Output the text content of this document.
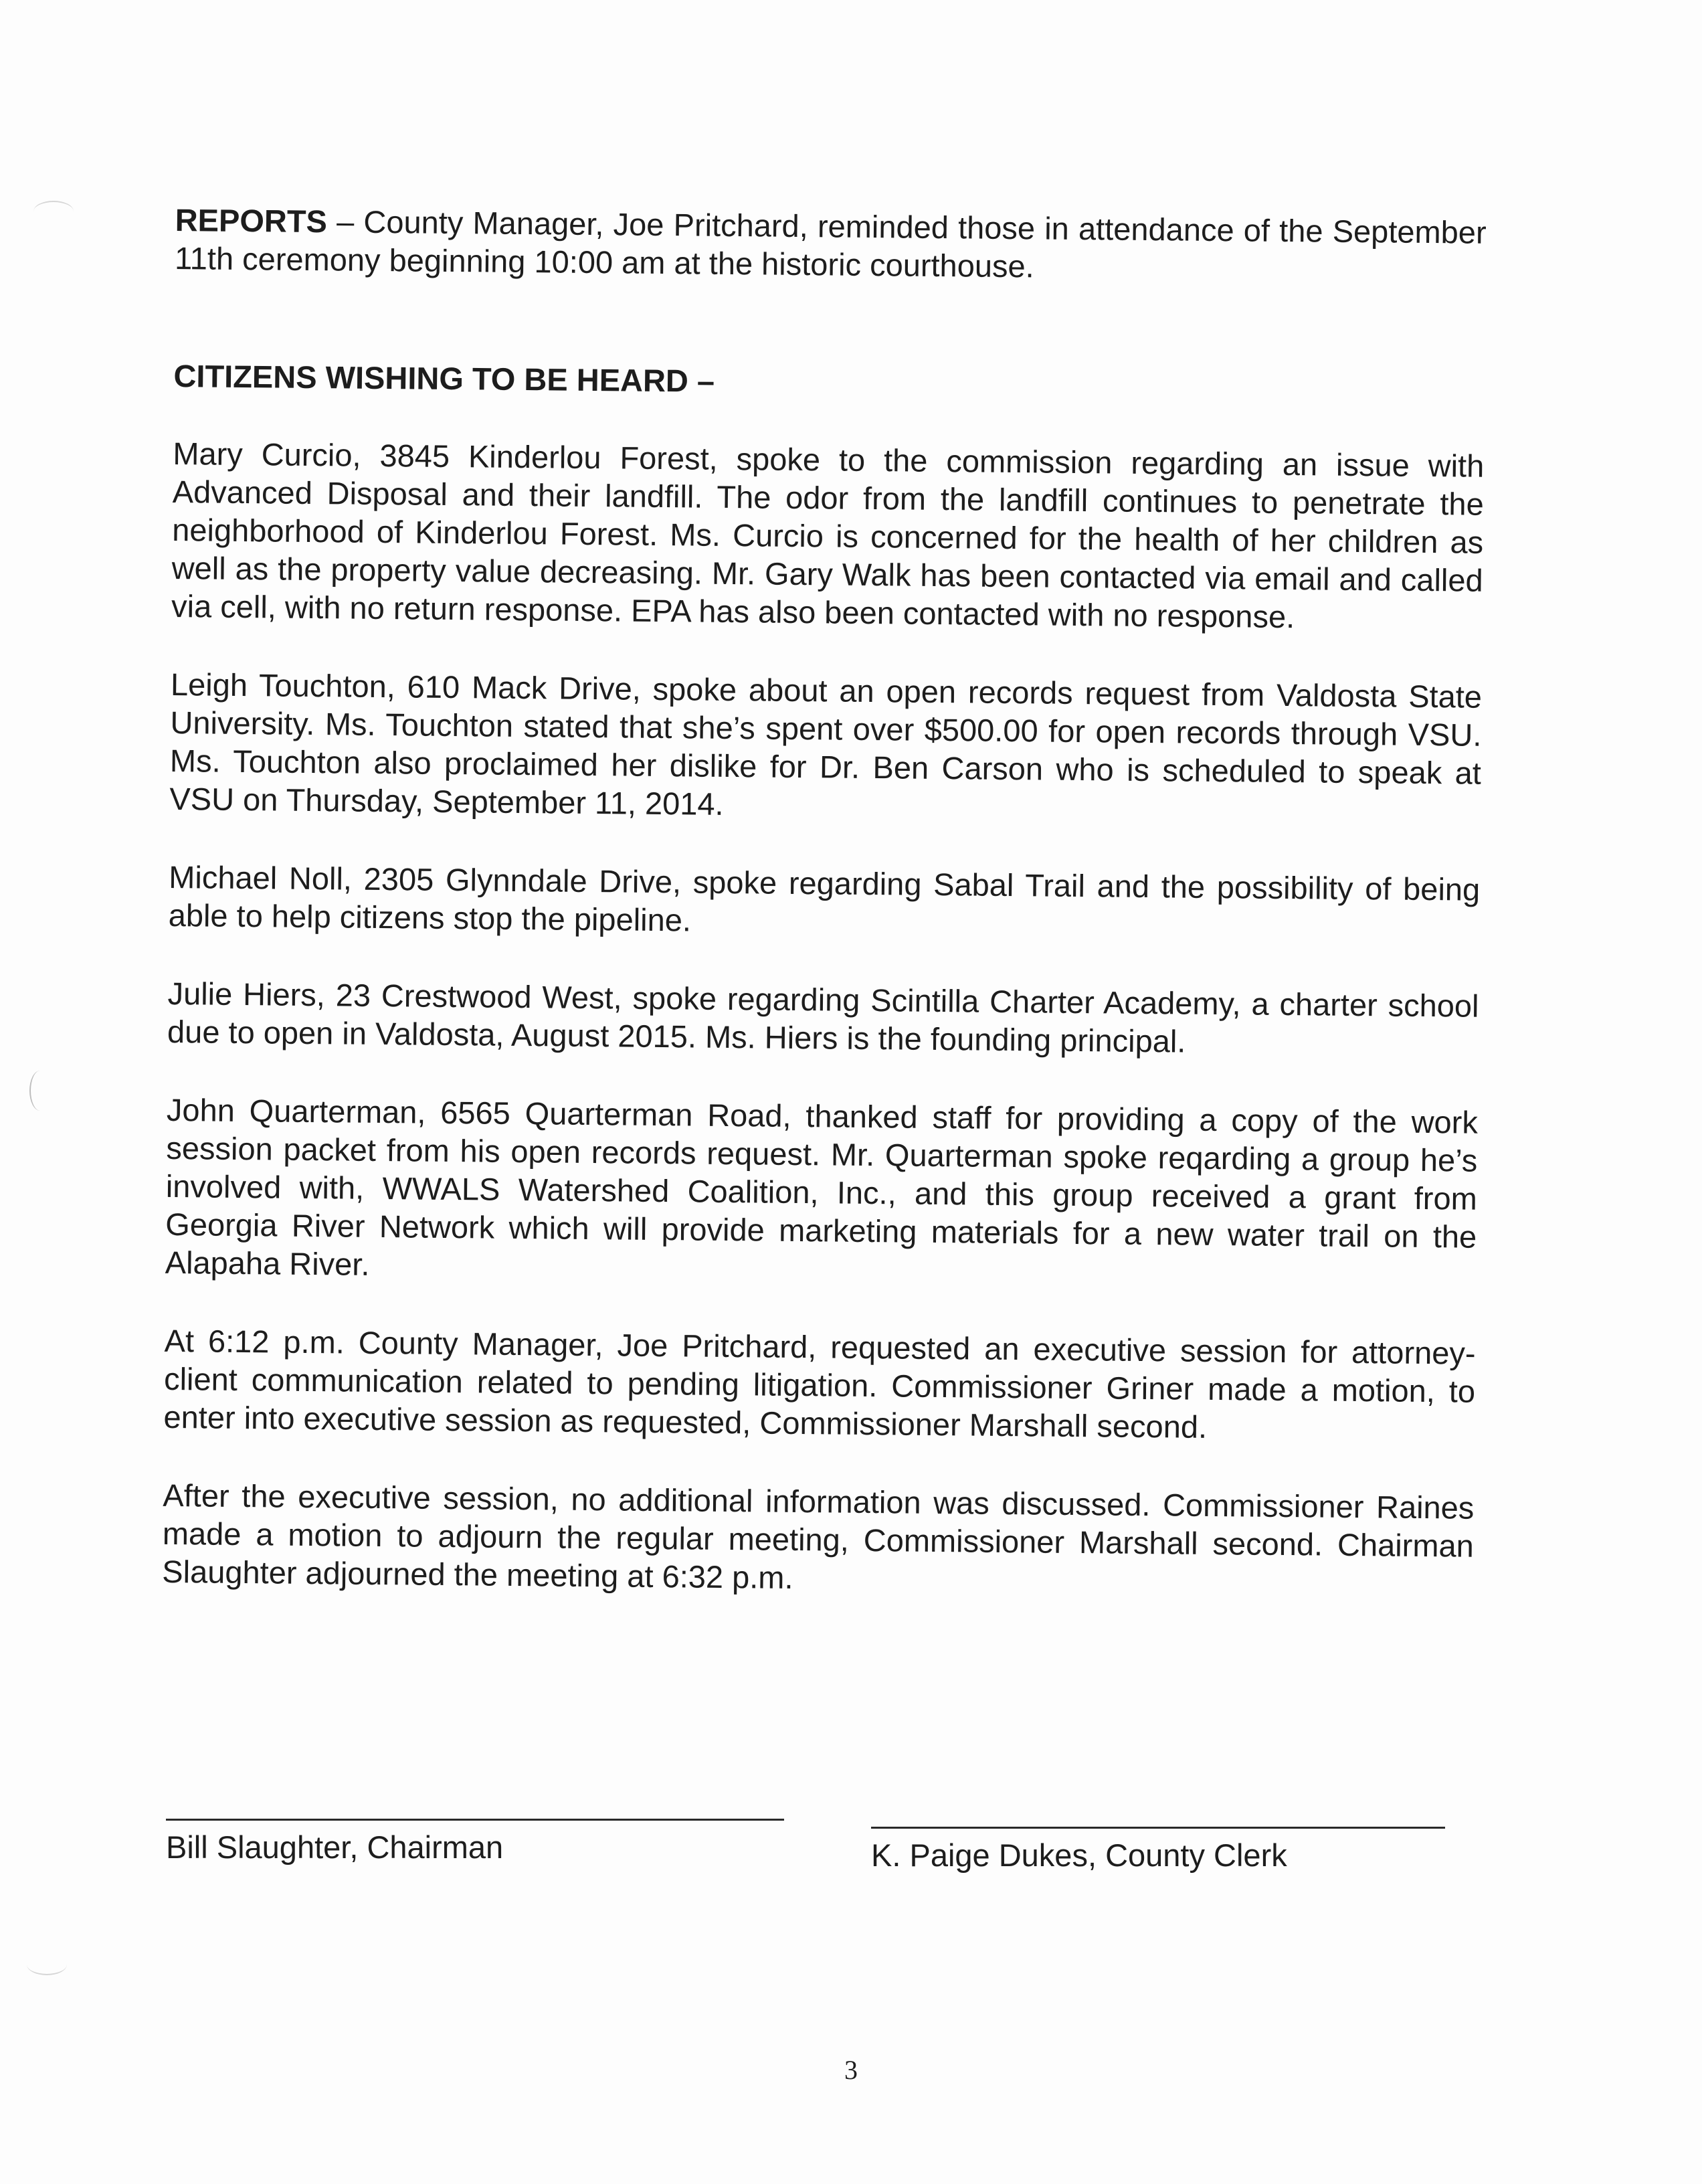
REPORTS – County Manager, Joe Pritchard, reminded those in attendance of the September 11th ceremony beginning 10:00 am at the historic courthouse.

CITIZENS WISHING TO BE HEARD –

Mary Curcio, 3845 Kinderlou Forest, spoke to the commission regarding an issue with Advanced Disposal and their landfill. The odor from the landfill continues to penetrate the neighborhood of Kinderlou Forest. Ms. Curcio is concerned for the health of her children as well as the property value decreasing. Mr. Gary Walk has been contacted via email and called via cell, with no return response. EPA has also been contacted with no response.

Leigh Touchton, 610 Mack Drive, spoke about an open records request from Valdosta State University. Ms. Touchton stated that she’s spent over $500.00 for open records through VSU. Ms. Touchton also proclaimed her dislike for Dr. Ben Carson who is scheduled to speak at VSU on Thursday, September 11, 2014.

Michael Noll, 2305 Glynndale Drive, spoke regarding Sabal Trail and the possibility of being able to help citizens stop the pipeline.

Julie Hiers, 23 Crestwood West, spoke regarding Scintilla Charter Academy, a charter school due to open in Valdosta, August 2015. Ms. Hiers is the founding principal.

John Quarterman, 6565 Quarterman Road, thanked staff for providing a copy of the work session packet from his open records request. Mr. Quarterman spoke reqarding a group he’s involved with, WWALS Watershed Coalition, Inc., and this group received a grant from Georgia River Network which will provide marketing materials for a new water trail on the Alapaha River.

At 6:12 p.m. County Manager, Joe Pritchard, requested an executive session for attorney-client communication related to pending litigation. Commissioner Griner made a motion, to enter into executive session as requested, Commissioner Marshall second.

After the executive session, no additional information was discussed. Commissioner Raines made a motion to adjourn the regular meeting, Commissioner Marshall second. Chairman Slaughter adjourned the meeting at 6:32 p.m.

Bill Slaughter, Chairman	K. Paige Dukes, County Clerk
3
